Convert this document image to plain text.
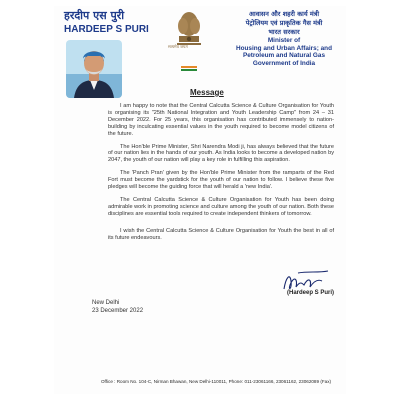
हरदीप एस पुरी
HARDEEP S PURI
सत्यमेव जयते
आवासन और शहरी कार्य मंत्री
पेट्रोलियम एवं प्राकृतिक गैस मंत्री
भारत सरकार
Minister of
Housing and Urban Affairs; and
Petroleum and Natural Gas
Government of India
Message

I am happy to note that the Central Calcutta Science & Culture Organisation for Youth is organising its "25th National Integration and Youth Leadership Camp" from 24 – 31 December 2022. For 25 years, this organisation has contributed immensely to nation-building by inculcating essential values in the youth required to become model citizens of the future.

The Hon'ble Prime Minister, Shri Narendra Modi ji, has always believed that the future of our nation lies in the hands of our youth. As India looks to become a developed nation by 2047, the youth of our nation will play a key role in fulfilling this aspiration.

The 'Panch Pran' given by the Hon'ble Prime Minister from the ramparts of the Red Fort must become the yardstick for the youth of our nation to follow. I believe these five pledges will become the guiding force that will herald a 'new India'.

The Central Calcutta Science & Culture Organisation for Youth has been doing admirable work in promoting science and culture among the youth of our nation. Both these disciplines are essential tools required to create independent thinkers of tomorrow.

I wish the Central Calcutta Science & Culture Organisation for Youth the best in all of its future endeavours.

(Hardeep S Puri)
New Delhi
23 December 2022
Office : Room No. 104-C, Nirman Bhawan, New Delhi-110011, Phone: 011-23061166, 23061162, 23062089 (Fax)
